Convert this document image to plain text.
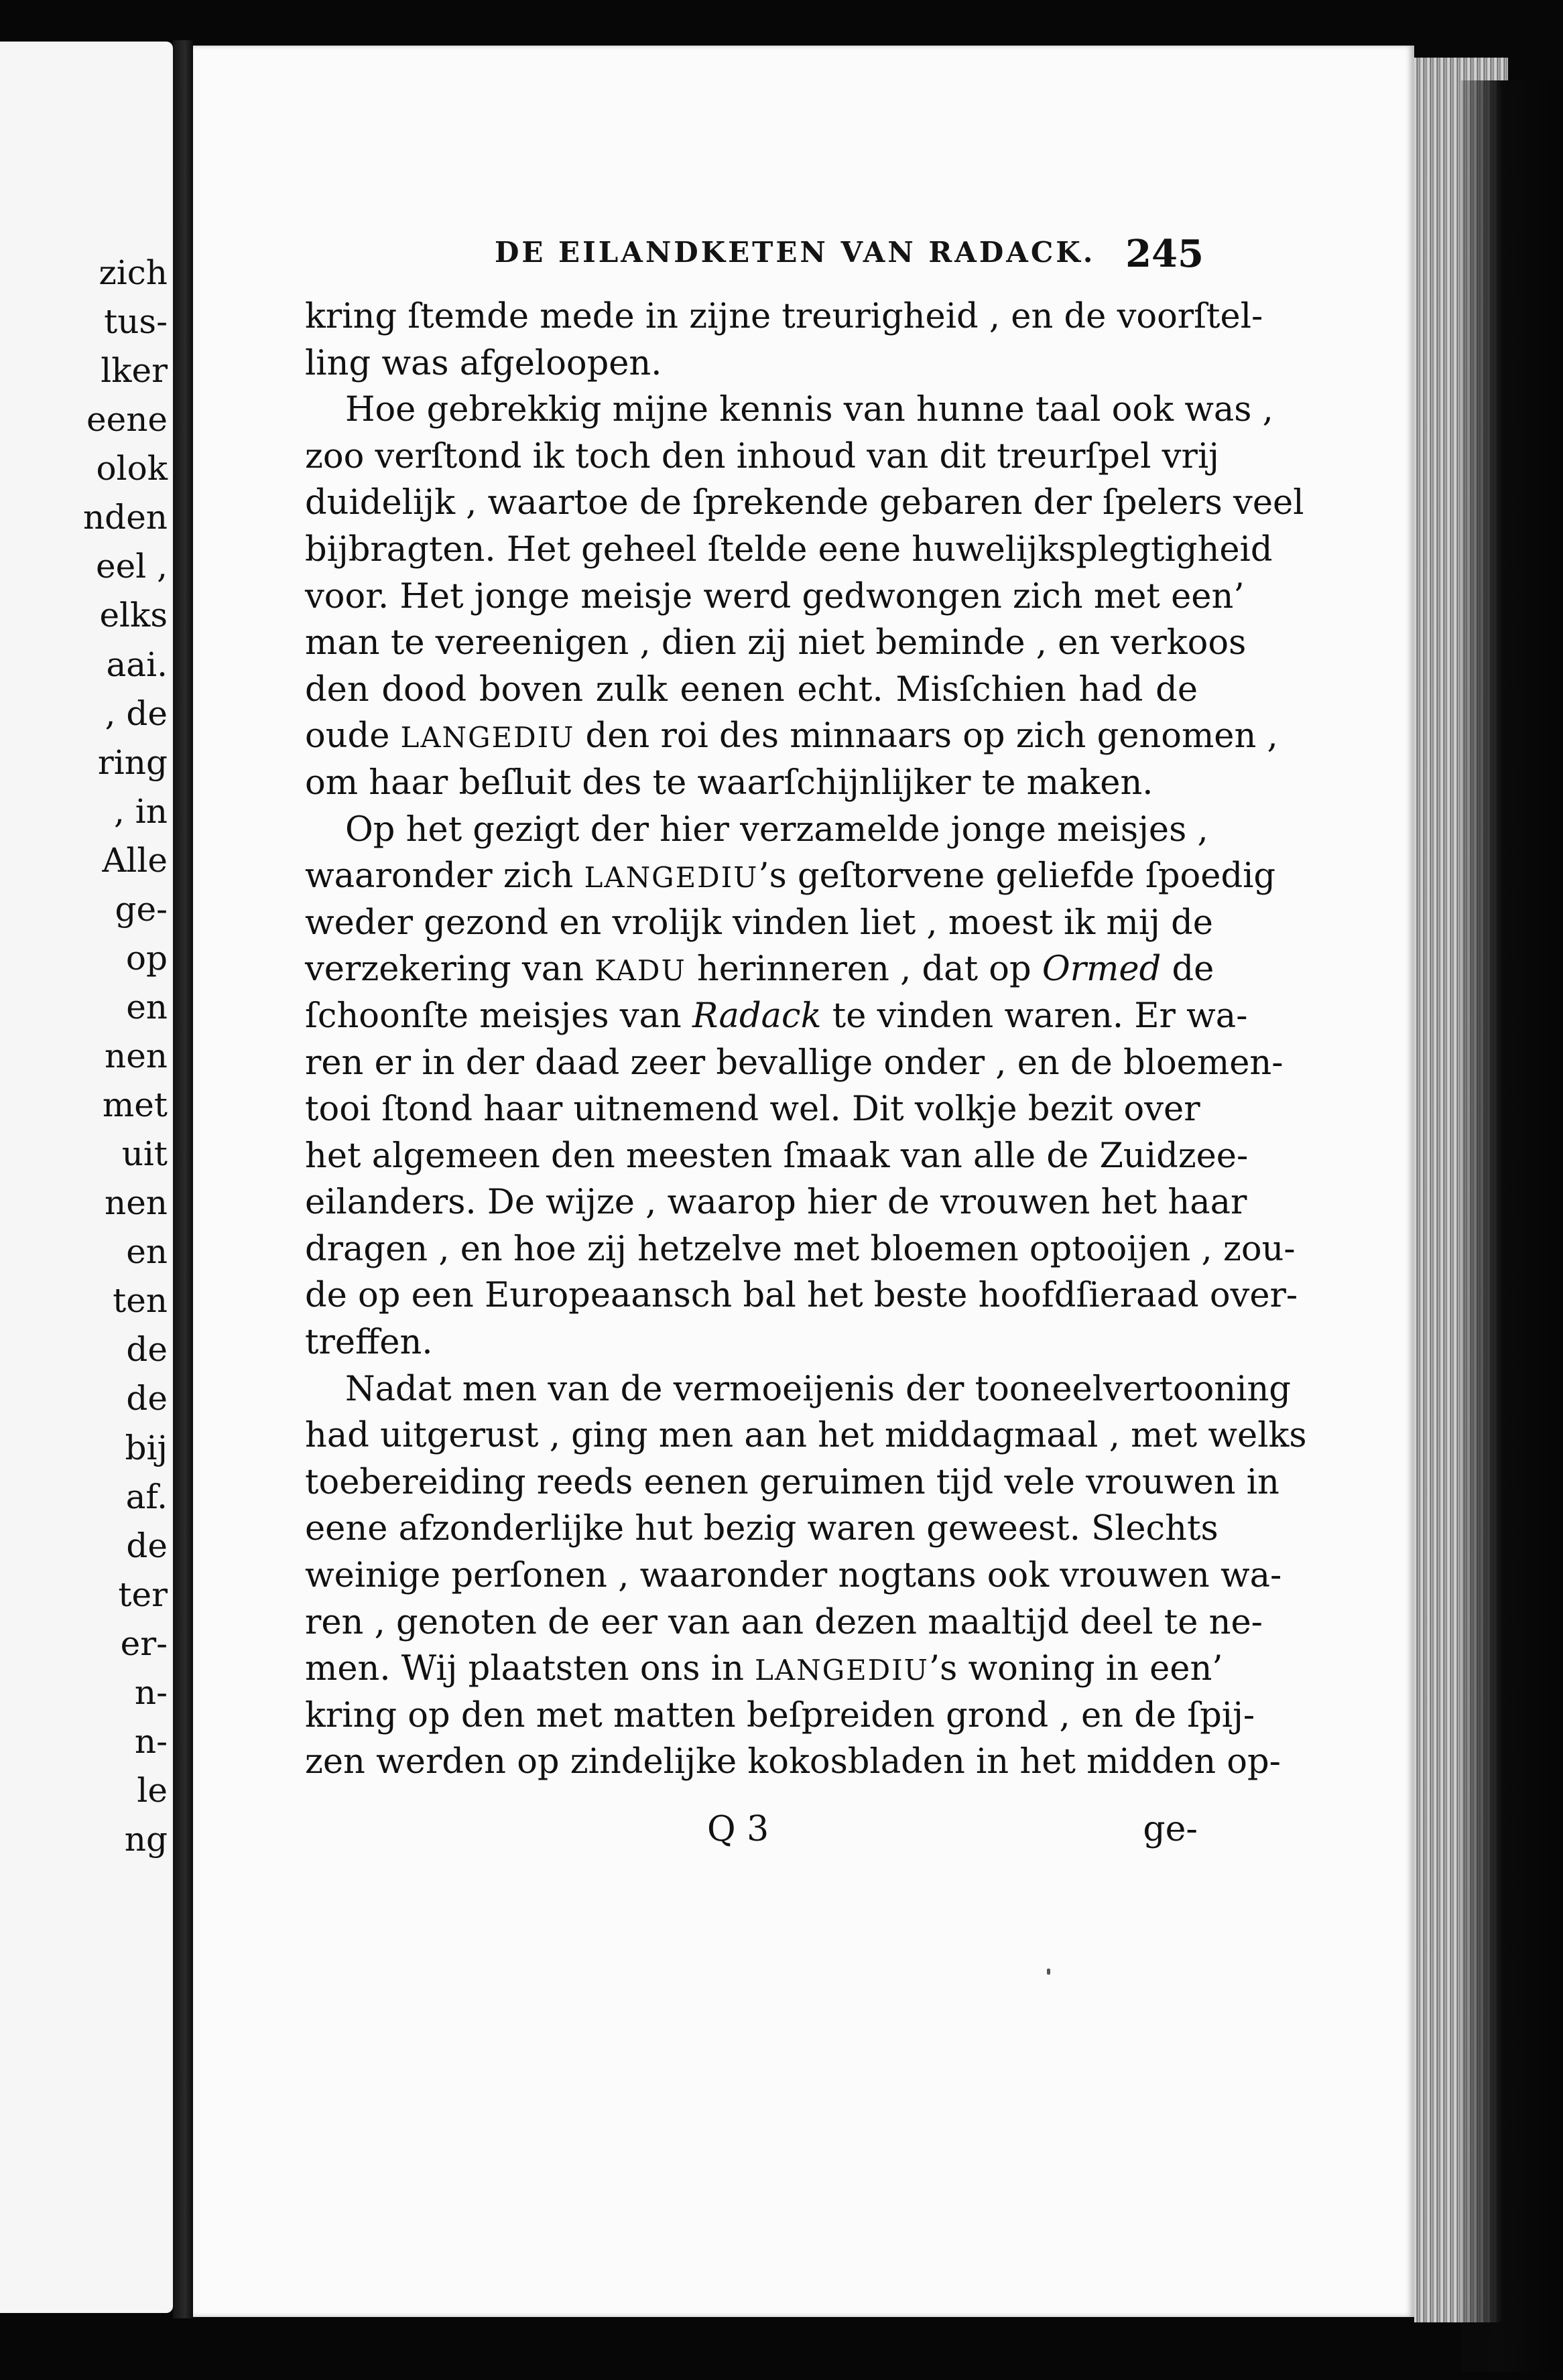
zich
tus-
lker
eene
olok
nden
eel ,
elks
aai.
, de
ring
, in
Alle
ge-
op
en
nen
met
uit
nen
en
ten
de
de
bij
af.
de
ter
er-
n-
n-
le
ng
DE EILANDKETEN VAN RADACK. 245
kring ſtemde mede in zijne treurigheid , en de voorſtel-
ling was afgeloopen.
Hoe gebrekkig mijne kennis van hunne taal ook was ,
zoo verſtond ik toch den inhoud van dit treurſpel vrij
duidelijk , waartoe de ſprekende gebaren der ſpelers veel
bijbragten. Het geheel ſtelde eene huwelijksplegtigheid
voor. Het jonge meisje werd gedwongen zich met een’
man te vereenigen , dien zij niet beminde , en verkoos
den dood boven zulk eenen echt. Misſchien had de
oude LANGEDIU den roi des minnaars op zich genomen ,
om haar beſluit des te waarſchijnlijker te maken.
Op het gezigt der hier verzamelde jonge meisjes ,
waaronder zich LANGEDIU’s geſtorvene geliefde ſpoedig
weder gezond en vrolijk vinden liet , moest ik mij de
verzekering van KADU herinneren , dat op Ormed de
ſchoonſte meisjes van Radack te vinden waren. Er wa-
ren er in der daad zeer bevallige onder , en de bloemen-
tooi ſtond haar uitnemend wel. Dit volkje bezit over
het algemeen den meesten ſmaak van alle de Zuidzee-
eilanders. De wijze , waarop hier de vrouwen het haar
dragen , en hoe zij hetzelve met bloemen optooijen , zou-
de op een Europeaansch bal het beste hoofdſieraad over-
treffen.
Nadat men van de vermoeijenis der tooneelvertooning
had uitgerust , ging men aan het middagmaal , met welks
toebereiding reeds eenen geruimen tijd vele vrouwen in
eene afzonderlijke hut bezig waren geweest. Slechts
weinige perſonen , waaronder nogtans ook vrouwen wa-
ren , genoten de eer van aan dezen maaltijd deel te ne-
men. Wij plaatsten ons in LANGEDIU’s woning in een’
kring op den met matten beſpreiden grond , en de ſpij-
zen werden op zindelijke kokosbladen in het midden op-
Q 3	ge-
